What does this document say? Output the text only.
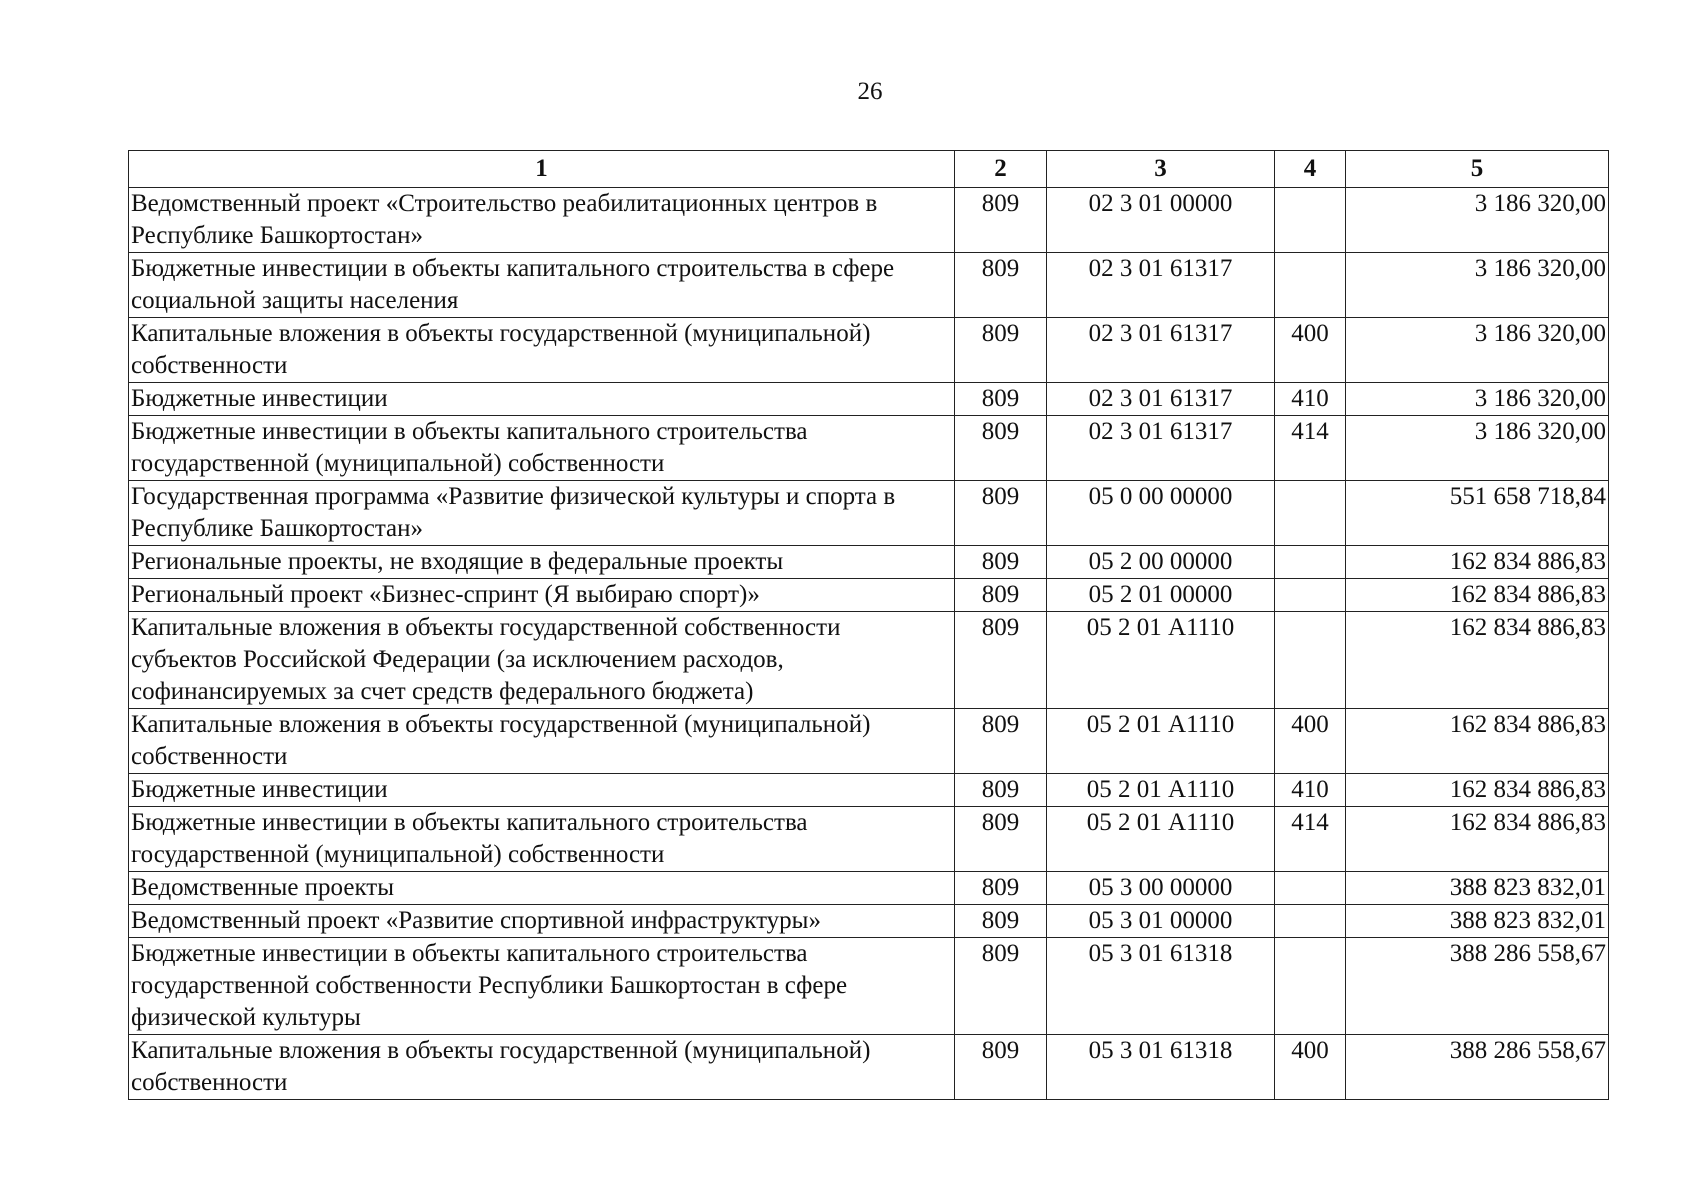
26
1	2	3	4	5
Ведомственный проект «Строительство реабилитационных центров в Республике Башкортостан»	809	02 3 01 00000		3 186 320,00
Бюджетные инвестиции в объекты капитального строительства в сфере социальной защиты населения	809	02 3 01 61317		3 186 320,00
Капитальные вложения в объекты государственной (муниципальной) собственности	809	02 3 01 61317	400	3 186 320,00
Бюджетные инвестиции	809	02 3 01 61317	410	3 186 320,00
Бюджетные инвестиции в объекты капитального строительства государственной (муниципальной) собственности	809	02 3 01 61317	414	3 186 320,00
Государственная программа «Развитие физической культуры и спорта в Республике Башкортостан»	809	05 0 00 00000		551 658 718,84
Региональные проекты, не входящие в федеральные проекты	809	05 2 00 00000		162 834 886,83
Региональный проект «Бизнес-спринт (Я выбираю спорт)»	809	05 2 01 00000		162 834 886,83
Капитальные вложения в объекты государственной собственности субъектов Российской Федерации (за исключением расходов, софинансируемых за счет средств федерального бюджета)	809	05 2 01 А1110		162 834 886,83
Капитальные вложения в объекты государственной (муниципальной) собственности	809	05 2 01 А1110	400	162 834 886,83
Бюджетные инвестиции	809	05 2 01 А1110	410	162 834 886,83
Бюджетные инвестиции в объекты капитального строительства государственной (муниципальной) собственности	809	05 2 01 А1110	414	162 834 886,83
Ведомственные проекты	809	05 3 00 00000		388 823 832,01
Ведомственный проект «Развитие спортивной инфраструктуры»	809	05 3 01 00000		388 823 832,01
Бюджетные инвестиции в объекты капитального строительства государственной собственности Республики Башкортостан в сфере физической культуры	809	05 3 01 61318		388 286 558,67
Капитальные вложения в объекты государственной (муниципальной) собственности	809	05 3 01 61318	400	388 286 558,67
